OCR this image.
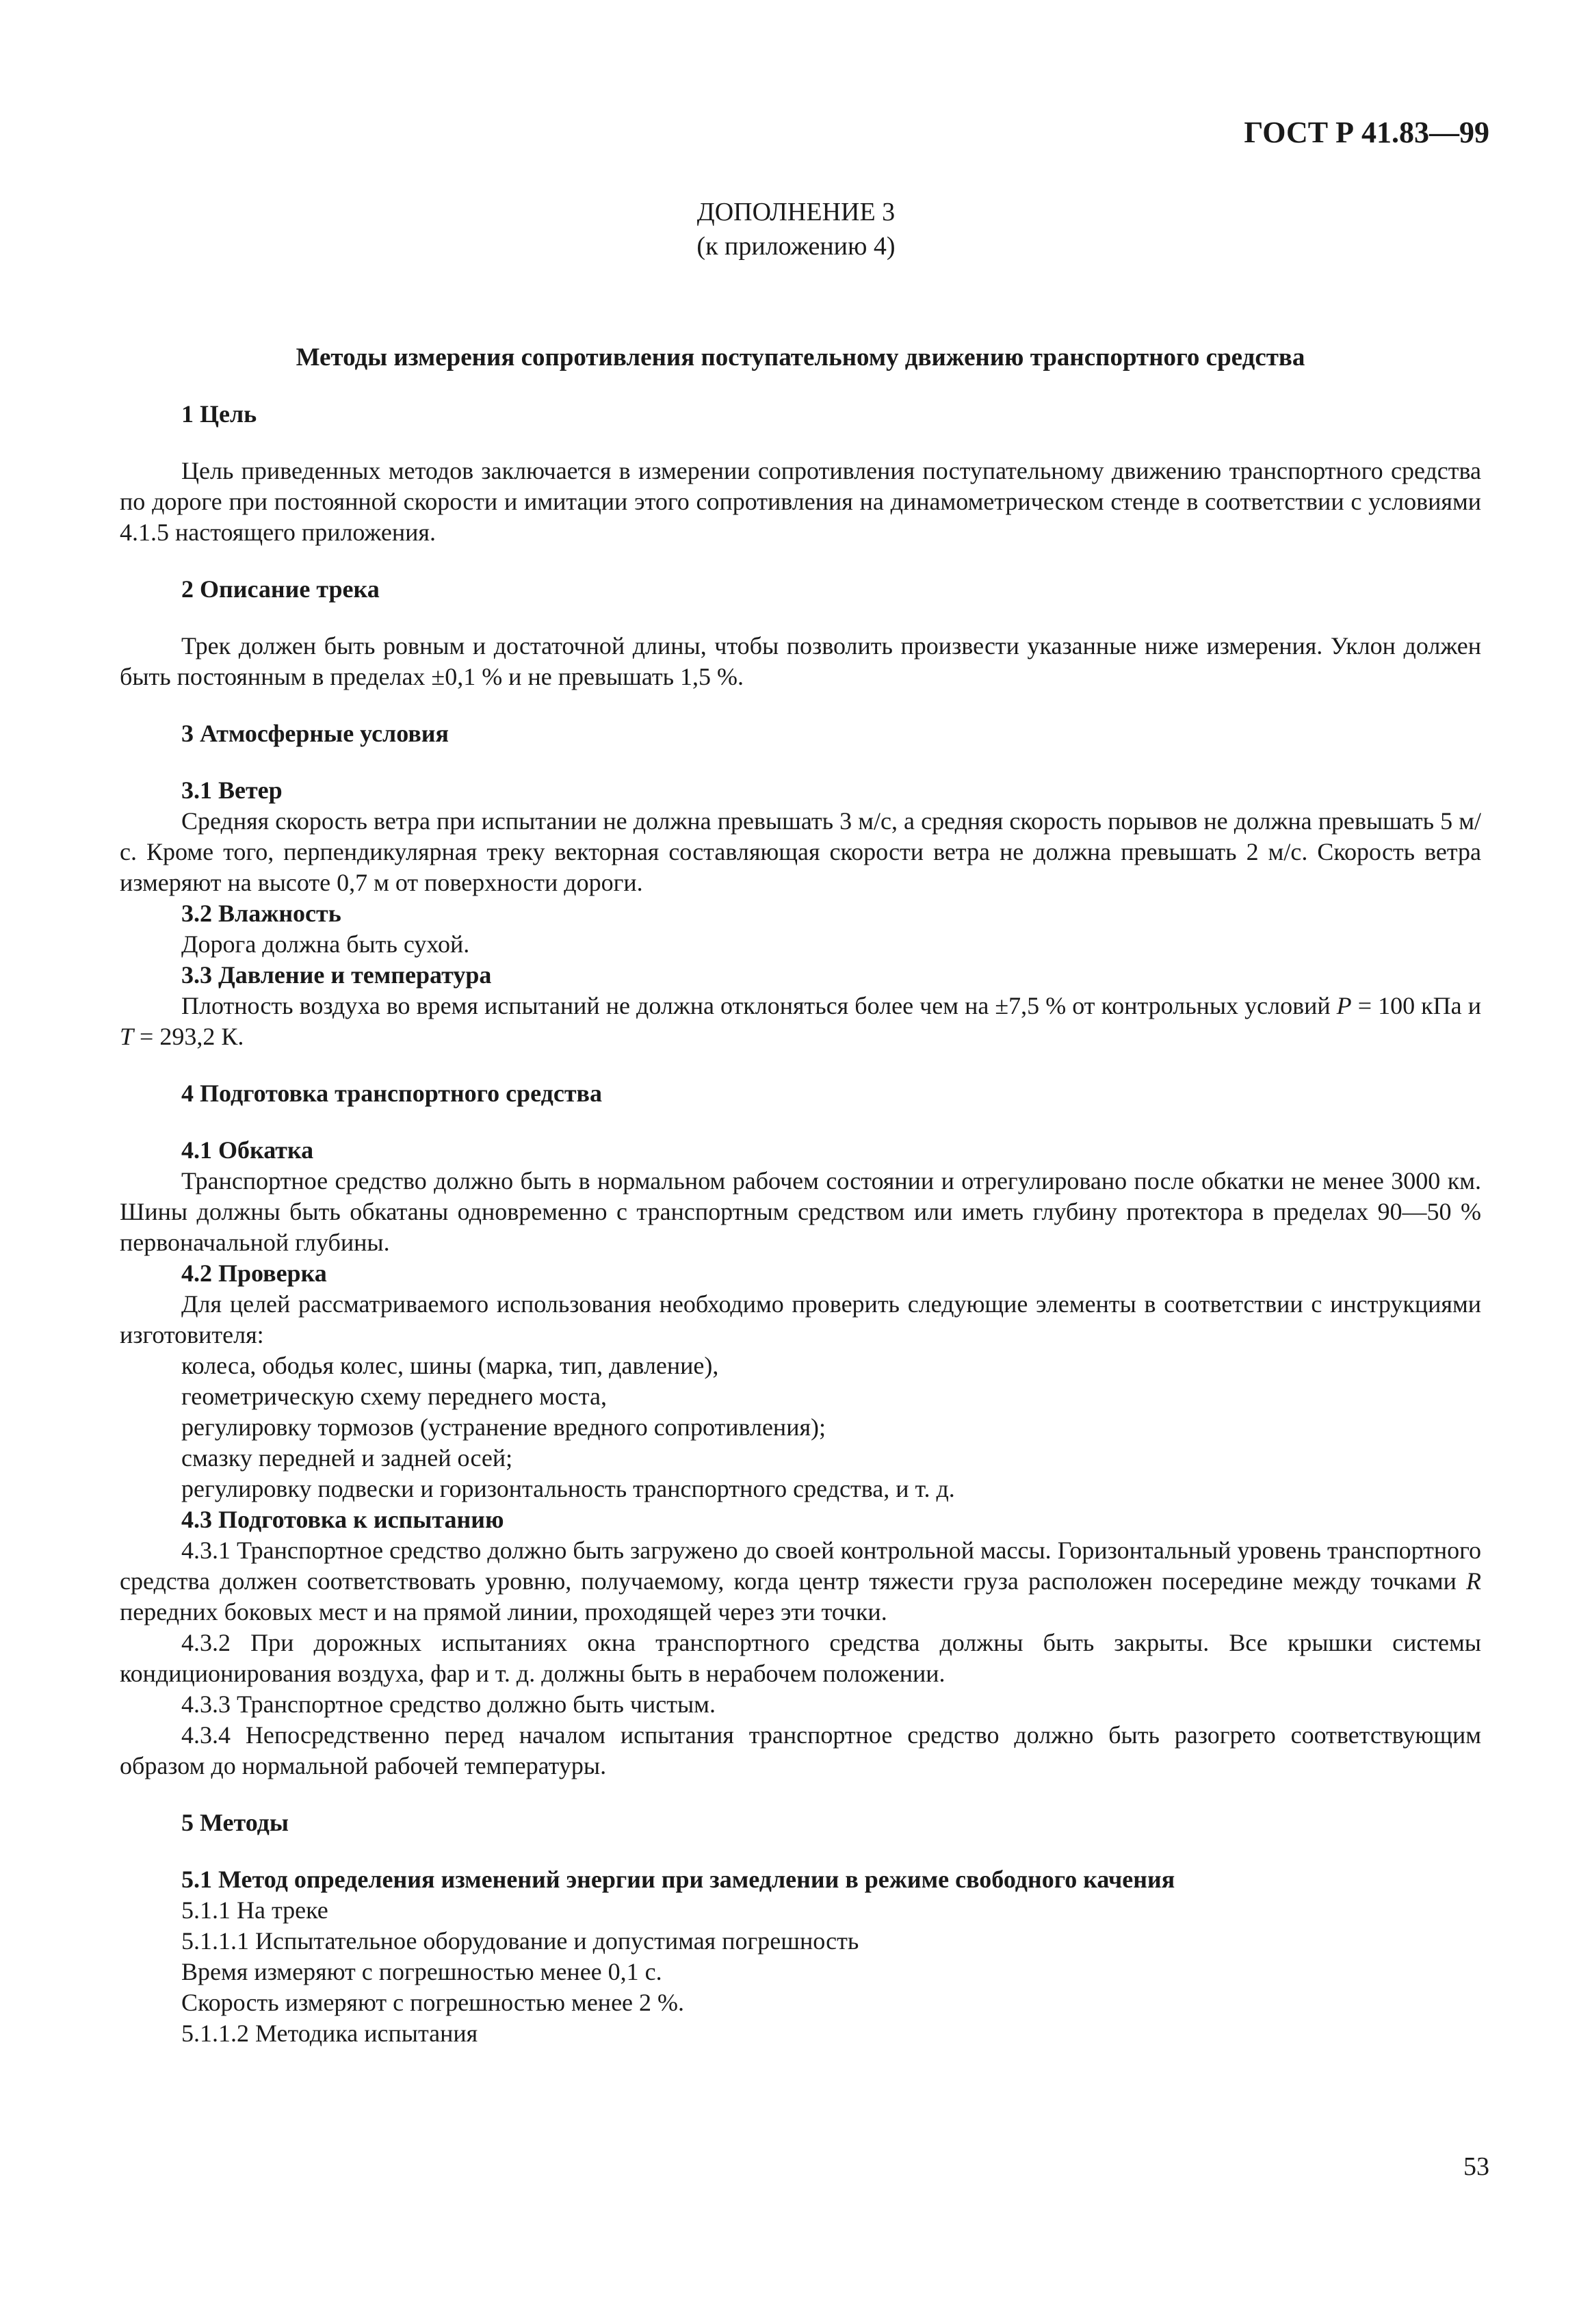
ГОСТ Р 41.83—99
ДОПОЛНЕНИЕ 3
(к приложению 4)
Методы измерения сопротивления поступательному движению транспортного средства
1 Цель

Цель приведенных методов заключается в измерении сопротивления поступательному движению транспортного средства по дороге при постоянной скорости и имитации этого сопротивления на динамометрическом стенде в соответствии с условиями 4.1.5 настоящего приложения.

2 Описание трека

Трек должен быть ровным и достаточной длины, чтобы позволить произвести указанные ниже измерения. Уклон должен быть постоянным в пределах ±0,1 % и не превышать 1,5 %.

3 Атмосферные условия
3.1 Ветер

Средняя скорость ветра при испытании не должна превышать 3 м/с, а средняя скорость порывов не должна превышать 5 м/с. Кроме того, перпендикулярная треку векторная составляющая скорости ветра не должна превышать 2 м/с. Скорость ветра измеряют на высоте 0,7 м от поверхности дороги.

3.2 Влажность

Дорога должна быть сухой.

3.3 Давление и температура

Плотность воздуха во время испытаний не должна отклоняться более чем на ±7,5 % от контрольных условий P = 100 кПа и T = 293,2 К.

4 Подготовка транспортного средства
4.1 Обкатка

Транспортное средство должно быть в нормальном рабочем состоянии и отрегулировано после обкатки не менее 3000 км. Шины должны быть обкатаны одновременно с транспортным средством или иметь глубину протектора в пределах 90—50 % первоначальной глубины.

4.2 Проверка

Для целей рассматриваемого использования необходимо проверить следующие элементы в соответствии с инструкциями изготовителя:

колеса, ободья колес, шины (марка, тип, давление),
геометрическую схему переднего моста,
регулировку тормозов (устранение вредного сопротивления);
смазку передней и задней осей;
регулировку подвески и горизонтальность транспортного средства, и т. д.
4.3 Подготовка к испытанию

4.3.1 Транспортное средство должно быть загружено до своей контрольной массы. Горизонтальный уровень транспортного средства должен соответствовать уровню, получаемому, когда центр тяжести груза расположен посередине между точками R передних боковых мест и на прямой линии, проходящей через эти точки.

4.3.2 При дорожных испытаниях окна транспортного средства должны быть закрыты. Все крышки системы кондиционирования воздуха, фар и т. д. должны быть в нерабочем положении.

4.3.3 Транспортное средство должно быть чистым.

4.3.4 Непосредственно перед началом испытания транспортное средство должно быть разогрето соответствующим образом до нормальной рабочей температуры.

5 Методы
5.1 Метод определения изменений энергии при замедлении в режиме свободного качения
5.1.1 На треке
5.1.1.1 Испытательное оборудование и допустимая погрешность
Время измеряют с погрешностью менее 0,1 с.
Скорость измеряют с погрешностью менее 2 %.
5.1.1.2 Методика испытания
53
